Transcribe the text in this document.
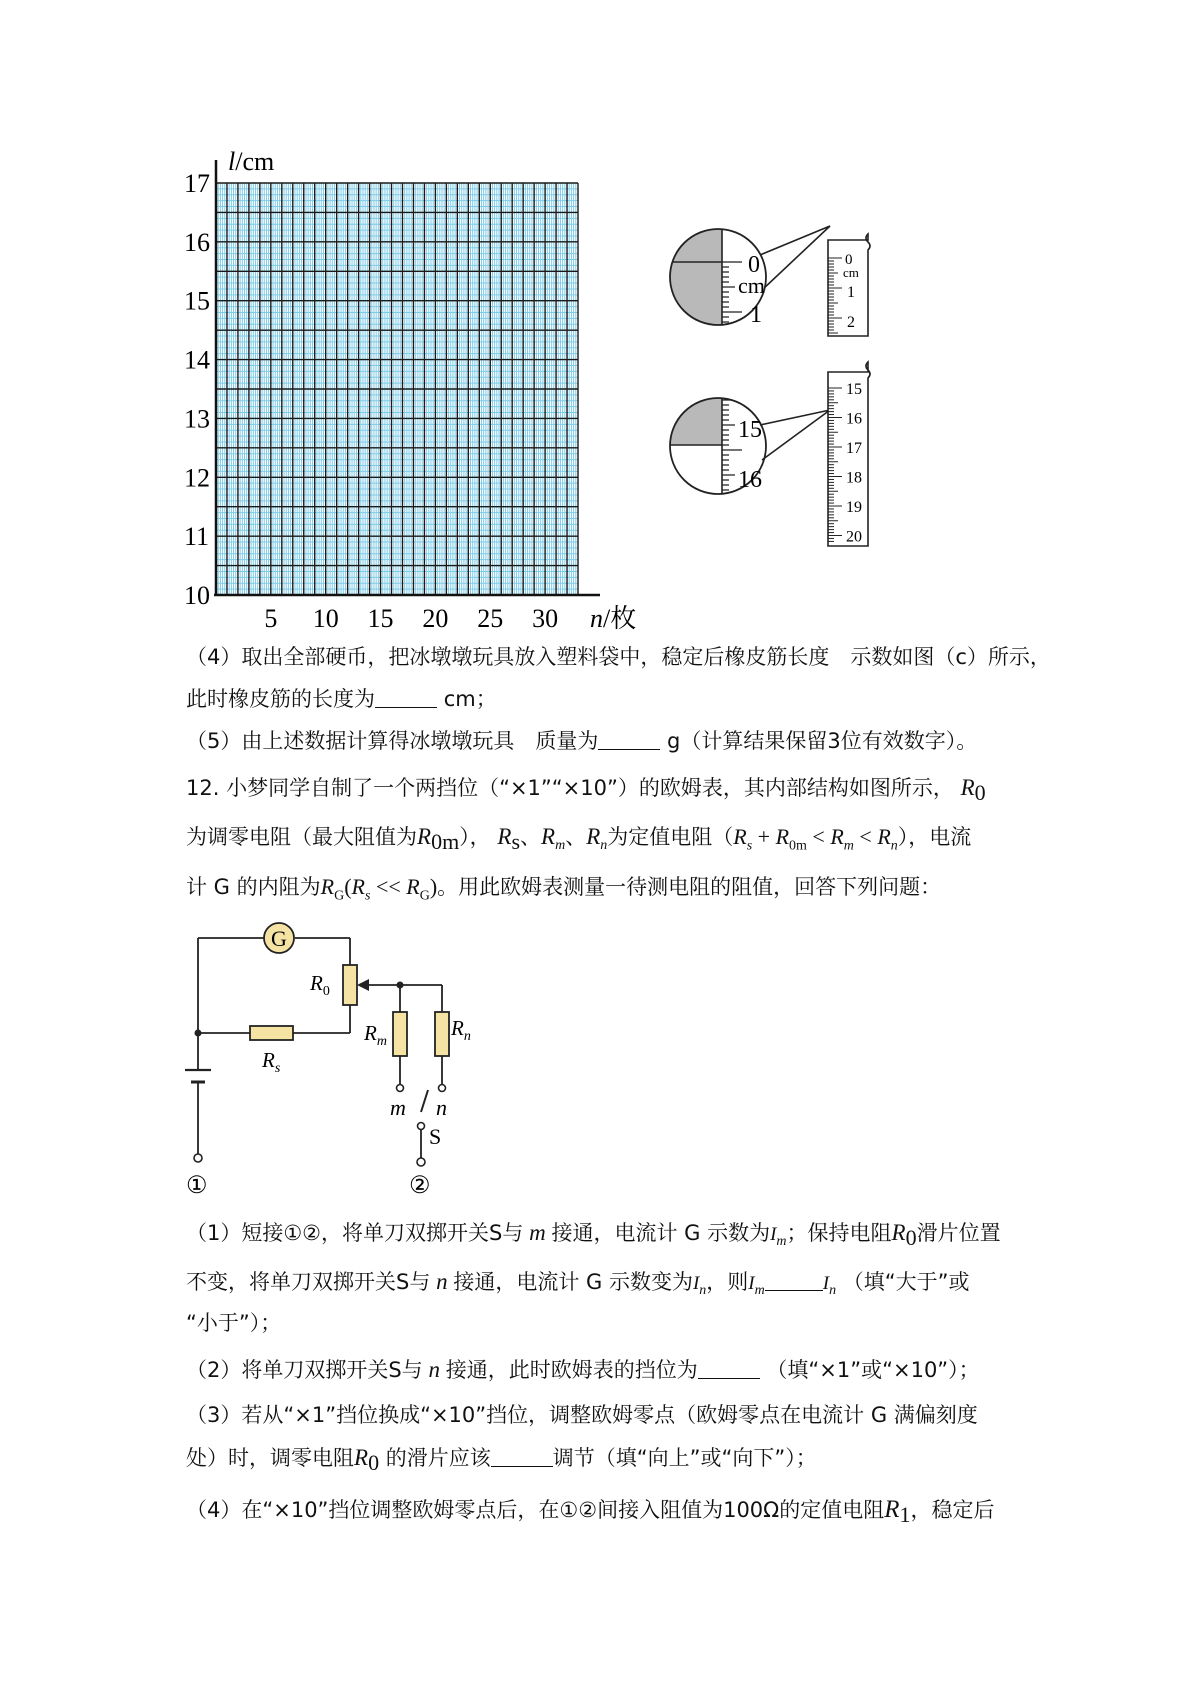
10
11
12
13
14
15
16
17
5 10 15 20 25 30
l/cm
n/枚
0
cm
1
0
cm
1
2
15
16
15
16
17
18
19
20
G
$R_0$
$R_s$
$R_m$
$R_n$
m n
S
①	②
（4）取出全部硬币，把冰墩墩玩具放入塑料袋中，稳定后橡皮筋长度　示数如图（c）所示，
此时橡皮筋的长度为	cm；
（5）由上述数据计算得冰墩墩玩具　质量为	g（计算结果保留3位有效数字）。
12. 小梦同学自制了一个两挡位（“×1”“×10”）的欧姆表，其内部结构如图所示， $R_0$
为调零电阻（最大阻值为$R_{0m}$）， $R_s$、$R_m$、$R_n$为定值电阻$(R_s + R_{0m} < R_m < R_n)$，电流
计 G 的内阻为$R_G(R_s << R_G)$。用此欧姆表测量一待测电阻的阻值，回答下列问题：
（1）短接①②，将单刀双掷开关S与 m 接通，电流计 G 示数为$I_m$；保持电阻$R_0$滑片位置
不变，将单刀双掷开关S与 n 接通，电流计 G 示数变为$I_n$，则$I_m$	$I_n$ （填“大于”或
“小于”）；
（2）将单刀双掷开关S与 n 接通，此时欧姆表的挡位为	（填“×1”或“×10”）；
（3）若从“×1”挡位换成“×10”挡位，调整欧姆零点（欧姆零点在电流计 G 满偏刻度
处）时，调零电阻$R_0$ 的滑片应该	调节（填“向上”或“向下”）；
（4）在“×10”挡位调整欧姆零点后，在①②间接入阻值为100Ω的定值电阻$R_1$，稳定后
